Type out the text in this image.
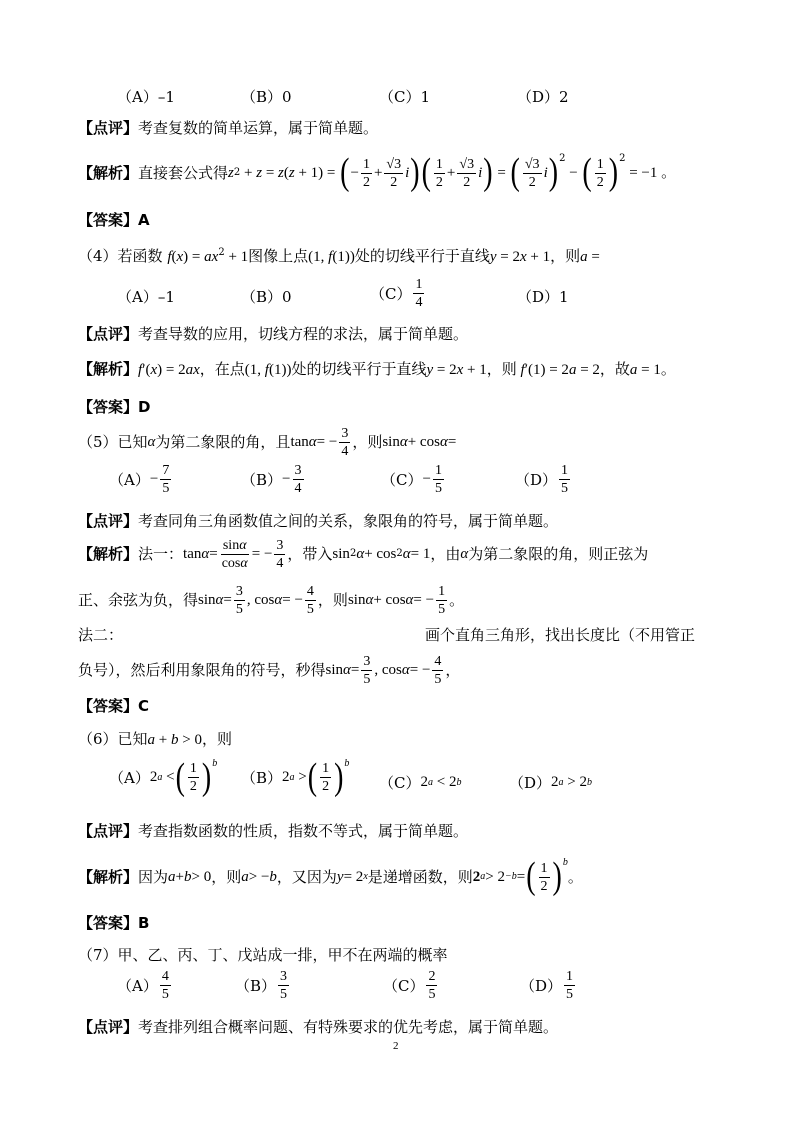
（A）–1	（B）0	（C）1	（D）2
【点评】考查复数的简单运算，属于简单题。
【解析】 直接套公式得 z 2 + z = z ( z + 1) = ( − $\frac{1}{2} + \frac{√3}{2}$ i ) ( $\frac{1}{2} + \frac{√3}{2}$ i ) = ( $\frac{√3}{2}$ i ) 2
− ( $\frac{1}{2}$ ) 2
= −1 。
【答案】A
（4）若函数 $f(x) = ax^2 + 1$图像上点(1, f(1))处的切线平行于直线y = 2x + 1，则a =
（A）–1	（B）0	$(C) \frac{1}{4}$	（D）1
【点评】考查导数的应用，切线方程的求法，属于简单题。
【解析】f′(x) = 2ax，在点(1, f(1))处的切线平行于直线y = 2x + 1，则 f′(1) = 2a = 2，故a = 1。
【答案】D
（5）已知 α 为第二象限的角，且 tan α = − $\frac{3}{4}$ ，则 sin α + cos α =
$(A) - \frac{7}{5}$	$(B) - \frac{3}{4}$	$(C) - \frac{1}{5}$	$(D) \frac{1}{5}$
【点评】考查同角三角函数值之间的关系，象限角的符号，属于简单题。
【解析】 法一： $\tan \alpha = \frac{\sin\alpha}{\cos\alpha}$ = − $\frac{3}{4}$ ，带入 sin 2 α + cos 2 α = 1 ，由 α 为第二象限的角，则正弦为
正、余弦为负，得 $\sin \alpha = \frac{3}{5}$ , cos α = − $\frac{4}{5}$ ，则 sin α + cos α = − $\frac{1}{5}$ 。
法二：	画个直角三角形，找出长度比（不用管正
负号），然后利用象限角的符号，秒得 $\sin \alpha = \frac{3}{5}$ , cos α = − $\frac{4}{5}$ ，
【答案】C
（6）已知a + b > 0，则
（A） 2 a < ( $\frac{1}{2}$ ) b
（B） 2 a > ( $\frac{1}{2}$ ) b
（C） 2 a < 2 b	（D） 2 a > 2 b
【点评】考查指数函数的性质，指数不等式，属于简单题。
【解析】 因为 a + b > 0 ，则 a > − b ，又因为 y = 2 x 是递增函数，则 2 a > 2 −b = ( $\frac{1}{2}$ ) b
。
【答案】B
（7）甲、乙、丙、丁、戊站成一排，甲不在两端的概率
$(A) \frac{4}{5}$	$(B) \frac{3}{5}$	$(C) \frac{2}{5}$	$(D) \frac{1}{5}$
【点评】考查排列组合概率问题、有特殊要求的优先考虑，属于简单题。
2
